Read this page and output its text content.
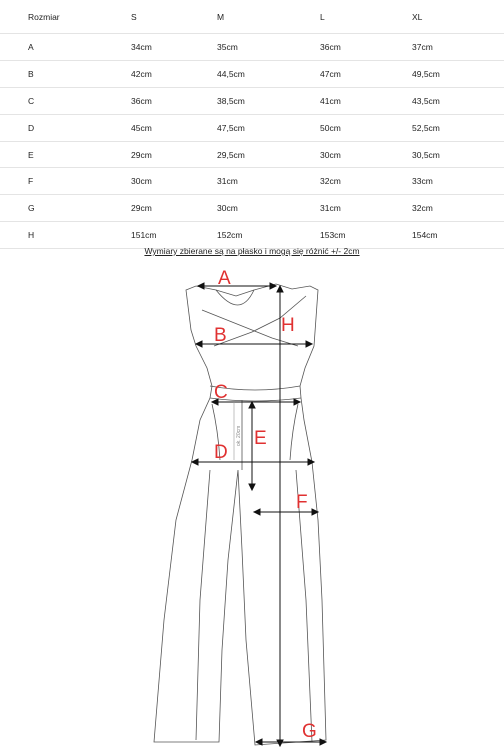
Rozmiar	S	M	L	XL
A	34cm	35cm	36cm	37cm
B	42cm	44,5cm	47cm	49,5cm
C	36cm	38,5cm	41cm	43,5cm
D	45cm	47,5cm	50cm	52,5cm
E	29cm	29,5cm	30cm	30,5cm
F	30cm	31cm	32cm	33cm
G	29cm	30cm	31cm	32cm
H	151cm	152cm	153cm	154cm
Wymiary zbierane są na płasko i mogą się różnić +/- 2cm
ok. 20cm
A
B
C
D
E
F
G
H
